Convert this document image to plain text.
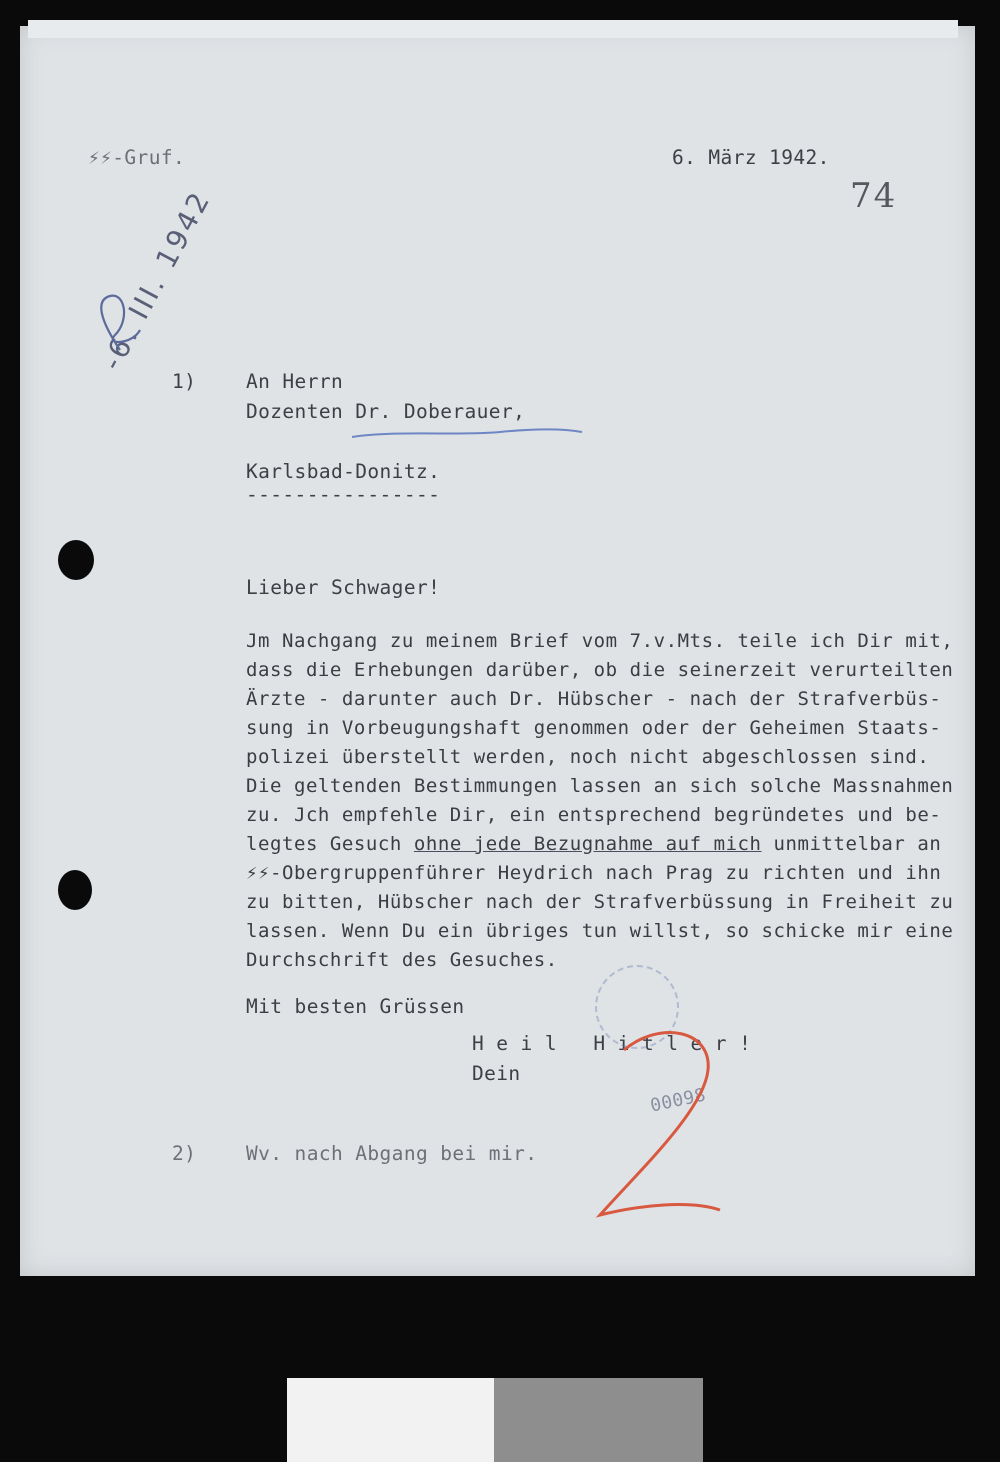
⚡⚡-Gruf.	6. März 1942.
74
-6. III. 1942
1)	An Herrn
Dozenten Dr. Doberauer,
Karlsbad-Donitz.
----------------
Lieber Schwager!
Jm Nachgang zu meinem Brief vom 7.v.Mts. teile ich Dir mit,
dass die Erhebungen darüber, ob die seinerzeit verurteilten
Ärzte - darunter auch Dr. Hübscher - nach der Strafverbüs-
sung in Vorbeugungshaft genommen oder der Geheimen Staats-
polizei überstellt werden, noch nicht abgeschlossen sind.
Die geltenden Bestimmungen lassen an sich solche Massnahmen
zu. Jch empfehle Dir, ein entsprechend begründetes und be-
legtes Gesuch ohne jede Bezugnahme auf mich unmittelbar an
⚡⚡-Obergruppenführer Heydrich nach Prag zu richten und ihn
zu bitten, Hübscher nach der Strafverbüssung in Freiheit zu
lassen. Wenn Du ein übriges tun willst, so schicke mir eine
Durchschrift des Gesuches.
Mit besten Grüssen
H e i l   H i t l e r !
Dein
2)	Wv. nach Abgang bei mir.
00098
